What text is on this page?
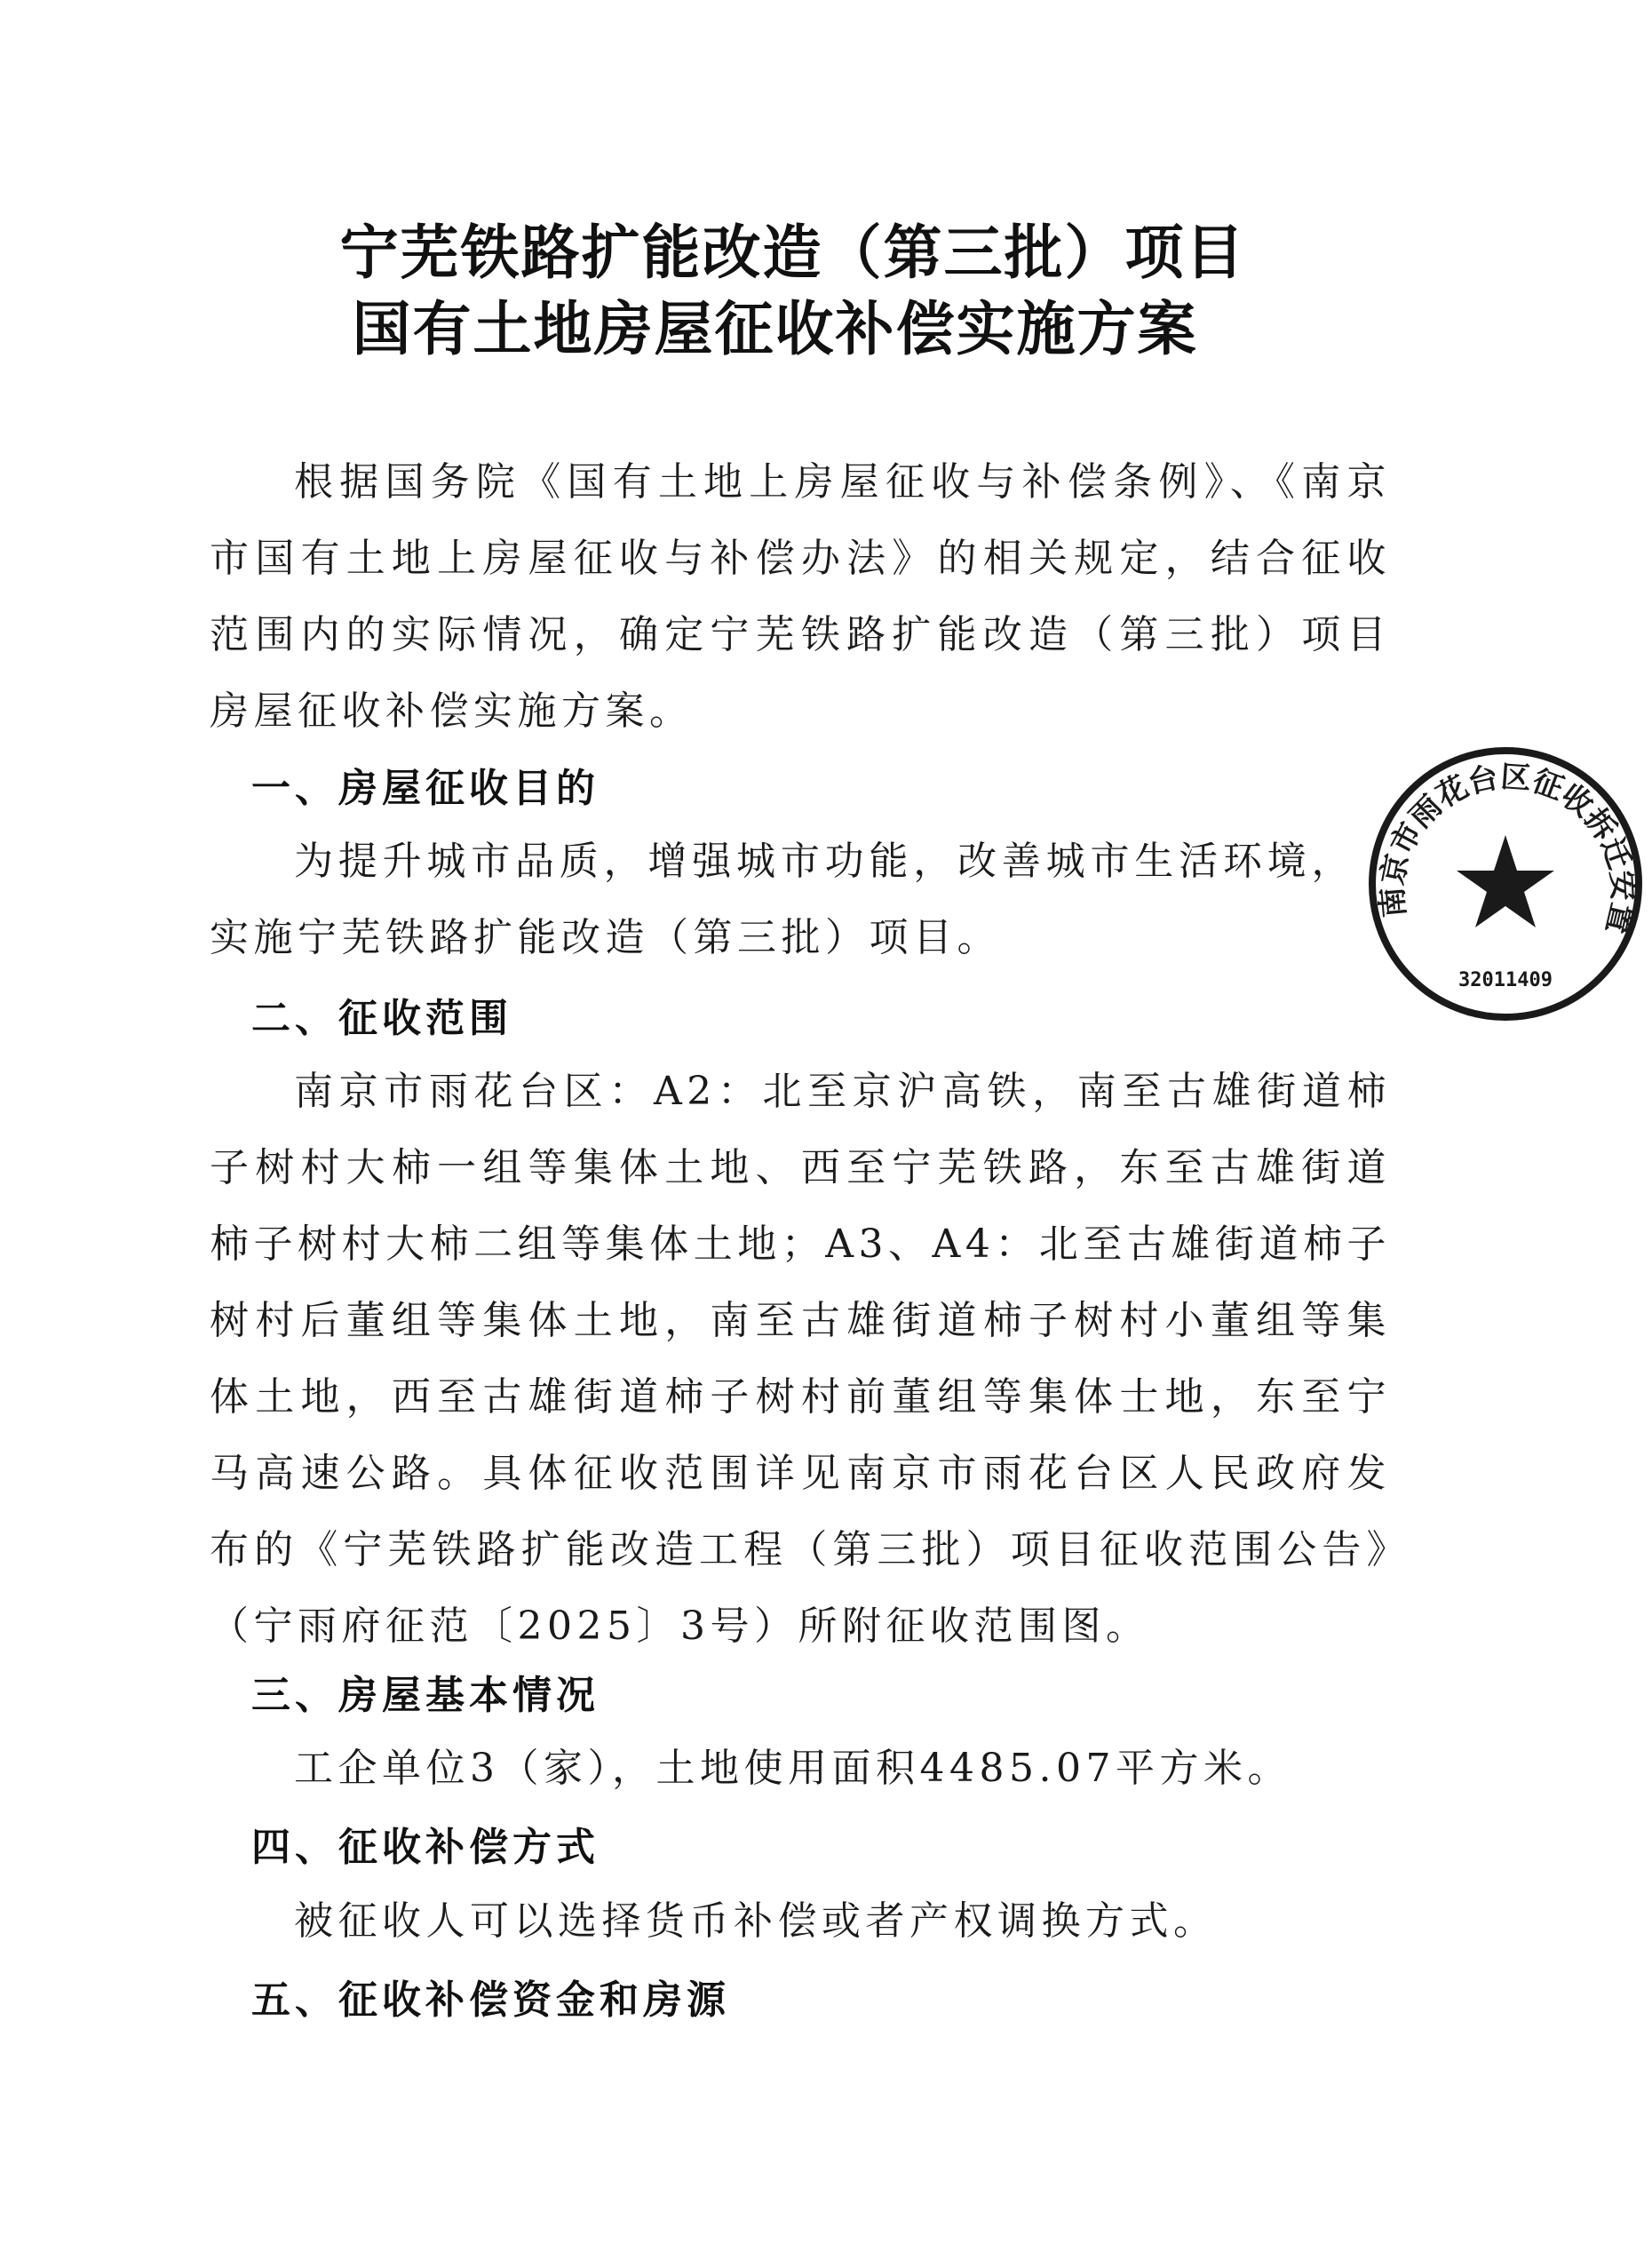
宁芜铁路扩能改造（第三批）项目
国有土地房屋征收补偿实施方案
根据国务院《国有土地上房屋征收与补偿条例》、《南京市国有土地上房屋征收与补偿办法》的相关规定，结合征收范围内的实际情况，确定宁芜铁路扩能改造（第三批）项目房屋征收补偿实施方案。
一、房屋征收目的
为提升城市品质，增强城市功能，改善城市生活环境，实施宁芜铁路扩能改造（第三批）项目。
二、征收范围
南京市雨花台区：A2：北至京沪高铁，南至古雄街道柿子树村大柿一组等集体土地、西至宁芜铁路，东至古雄街道柿子树村大柿二组等集体土地；A3、A4：北至古雄街道柿子树村后董组等集体土地，南至古雄街道柿子树村小董组等集体土地，西至古雄街道柿子树村前董组等集体士地，东至宁马高速公路。具体征收范围详见南京市雨花台区人民政府发布的《宁芜铁路扩能改造工程（第三批）项目征收范围公告》（宁雨府征范〔2025〕3号）所附征收范围图。
三、房屋基本情况
工企单位3（家），土地使用面积4485.07平方米。
四、征收补偿方式
被征收人可以选择货币补偿或者产权调换方式。
五、征收补偿资金和房源
南京市雨花台区征收拆迁安置
32011409
